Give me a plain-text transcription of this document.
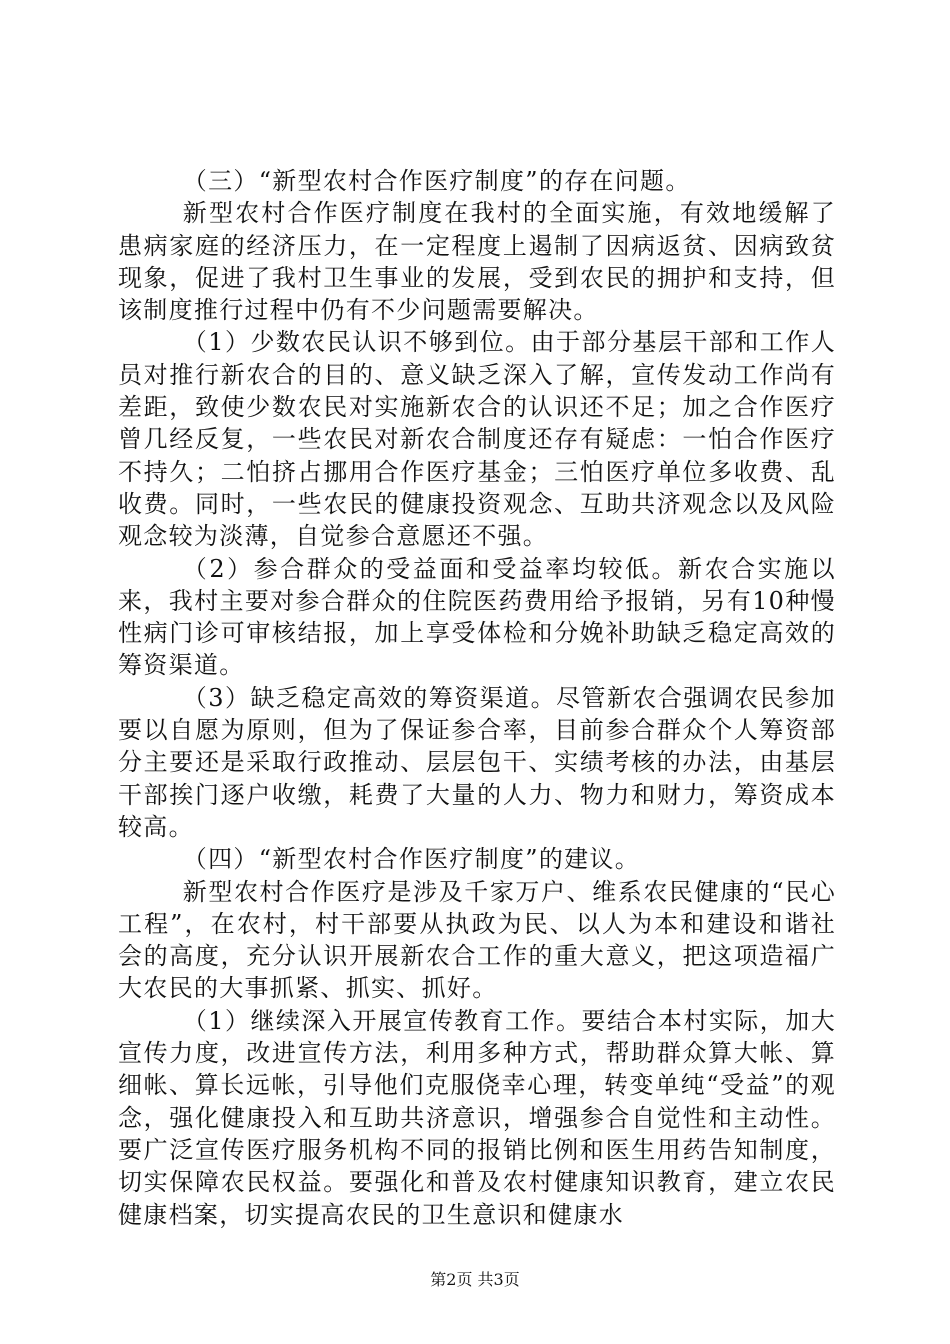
（三）“新型农村合作医疗制度”的存在问题。

新型农村合作医疗制度在我村的全面实施，有效地缓解了患病家庭的经济压力，在一定程度上遏制了因病返贫、因病致贫现象，促进了我村卫生事业的发展，受到农民的拥护和支持，但该制度推行过程中仍有不少问题需要解决。

（1）少数农民认识不够到位。由于部分基层干部和工作人员对推行新农合的目的、意义缺乏深入了解，宣传发动工作尚有差距，致使少数农民对实施新农合的认识还不足；加之合作医疗曾几经反复，一些农民对新农合制度还存有疑虑：一怕合作医疗不持久；二怕挤占挪用合作医疗基金；三怕医疗单位多收费、乱收费。同时，一些农民的健康投资观念、互助共济观念以及风险观念较为淡薄，自觉参合意愿还不强。

（2）参合群众的受益面和受益率均较低。新农合实施以来，我村主要对参合群众的住院医药费用给予报销，另有10种慢性病门诊可审核结报，加上享受体检和分娩补助缺乏稳定高效的筹资渠道。

（3）缺乏稳定高效的筹资渠道。尽管新农合强调农民参加要以自愿为原则，但为了保证参合率，目前参合群众个人筹资部分主要还是采取行政推动、层层包干、实绩考核的办法，由基层干部挨门逐户收缴，耗费了大量的人力、物力和财力，筹资成本较高。

（四）“新型农村合作医疗制度”的建议。

新型农村合作医疗是涉及千家万户、维系农民健康的“民心工程”，在农村，村干部要从执政为民、以人为本和建设和谐社会的高度，充分认识开展新农合工作的重大意义，把这项造福广大农民的大事抓紧、抓实、抓好。

（1）继续深入开展宣传教育工作。要结合本村实际，加大宣传力度，改进宣传方法，利用多种方式，帮助群众算大帐、算细帐、算长远帐，引导他们克服侥幸心理，转变单纯“受益”的观念，强化健康投入和互助共济意识，增强参合自觉性和主动性。要广泛宣传医疗服务机构不同的报销比例和医生用药告知制度，切实保障农民权益。要强化和普及农村健康知识教育，建立农民健康档案，切实提高农民的卫生意识和健康水

第2页 共3页
